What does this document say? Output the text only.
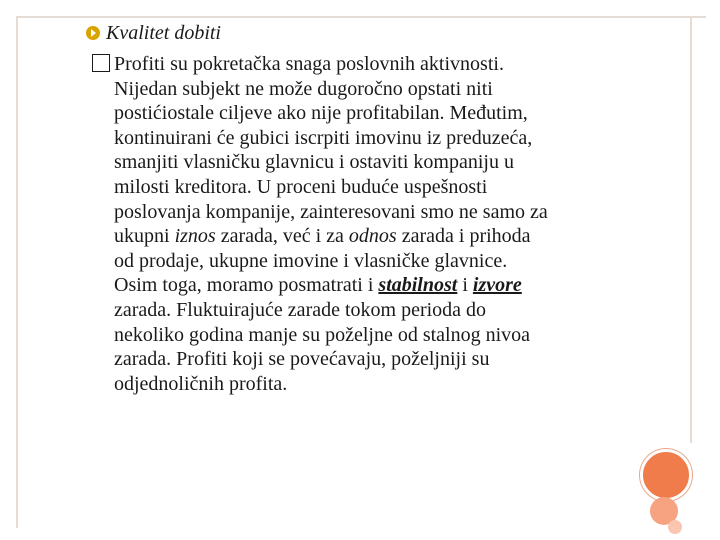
Kvalitet dobiti
Profiti su pokretačka snaga poslovnih aktivnosti.
Nijedan subjekt ne može dugoročno opstati niti
postićiostale ciljeve ako nije profitabilan. Međutim,
kontinuirani će gubici iscrpiti imovinu iz preduzeća,
smanjiti vlasničku glavnicu i ostaviti kompaniju u
milosti kreditora. U proceni buduće uspešnosti
poslovanja kompanije, zainteresovani smo ne samo za
ukupni iznos zarada, već i za odnos zarada i prihoda
od prodaje, ukupne imovine i vlasničke glavnice.
Osim toga, moramo posmatrati i stabilnost i izvore
zarada. Fluktuirajuće zarade tokom perioda do
nekoliko godina manje su poželjne od stalnog nivoa
zarada. Profiti koji se povećavaju, poželjniji su
odjednoličnih profita.
